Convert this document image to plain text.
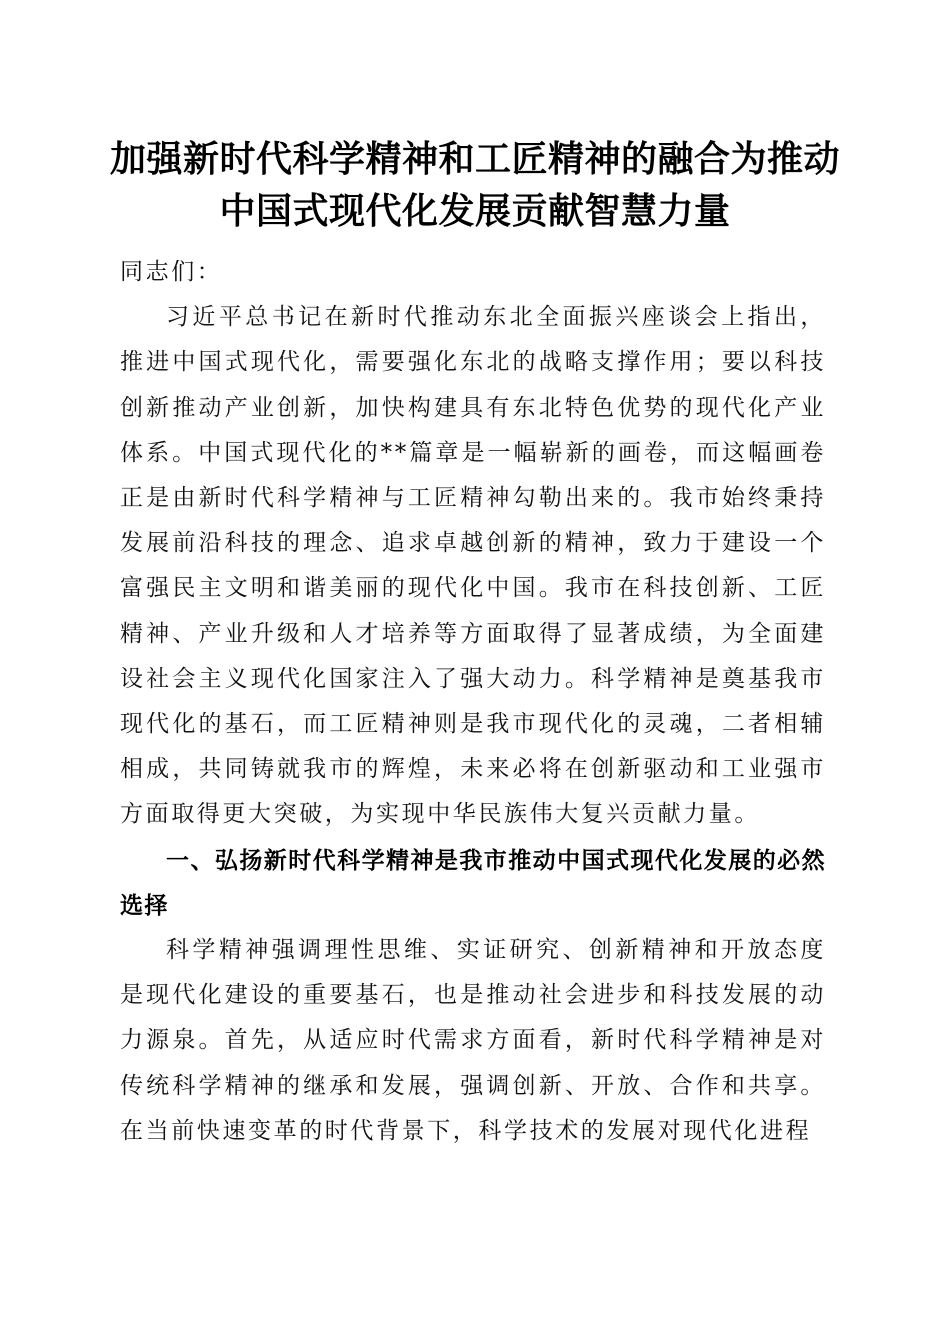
加强新时代科学精神和工匠精神的融合为推动
中国式现代化发展贡献智慧力量

同志们：

习近平总书记在新时代推动东北全面振兴座谈会上指出，推进中国式现代化，需要强化东北的战略支撑作用；要以科技创新推动产业创新，加快构建具有东北特色优势的现代化产业体系。中国式现代化的**篇章是一幅崭新的画卷，而这幅画卷正是由新时代科学精神与工匠精神勾勒出来的。我市始终秉持发展前沿科技的理念、追求卓越创新的精神，致力于建设一个富强民主文明和谐美丽的现代化中国。我市在科技创新、工匠精神、产业升级和人才培养等方面取得了显著成绩，为全面建设社会主义现代化国家注入了强大动力。科学精神是奠基我市现代化的基石，而工匠精神则是我市现代化的灵魂，二者相辅相成，共同铸就我市的辉煌，未来必将在创新驱动和工业强市方面取得更大突破，为实现中华民族伟大复兴贡献力量。

一、弘扬新时代科学精神是我市推动中国式现代化发展的必然选择

科学精神强调理性思维、实证研究、创新精神和开放态度是现代化建设的重要基石，也是推动社会进步和科技发展的动力源泉。首先，从适应时代需求方面看，新时代科学精神是对传统科学精神的继承和发展，强调创新、开放、合作和共享。在当前快速变革的时代背景下，科学技术的发展对现代化进程
